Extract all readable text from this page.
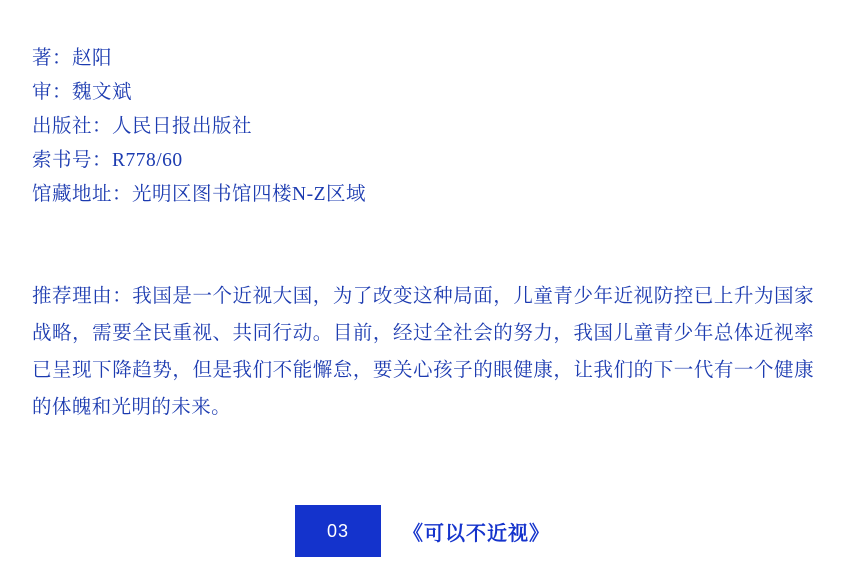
著：赵阳
审：魏文斌
出版社：人民日报出版社
索书号：R778/60
馆藏地址：光明区图书馆四楼N-Z区域

推荐理由：我国是一个近视大国，为了改变这种局面，儿童青少年近视防控已上升为国家战略，需要全民重视、共同行动。目前，经过全社会的努力，我国儿童青少年总体近视率已呈现下降趋势，但是我们不能懈怠，要关心孩子的眼健康，让我们的下一代有一个健康的体魄和光明的未来。

03	《可以不近视》
